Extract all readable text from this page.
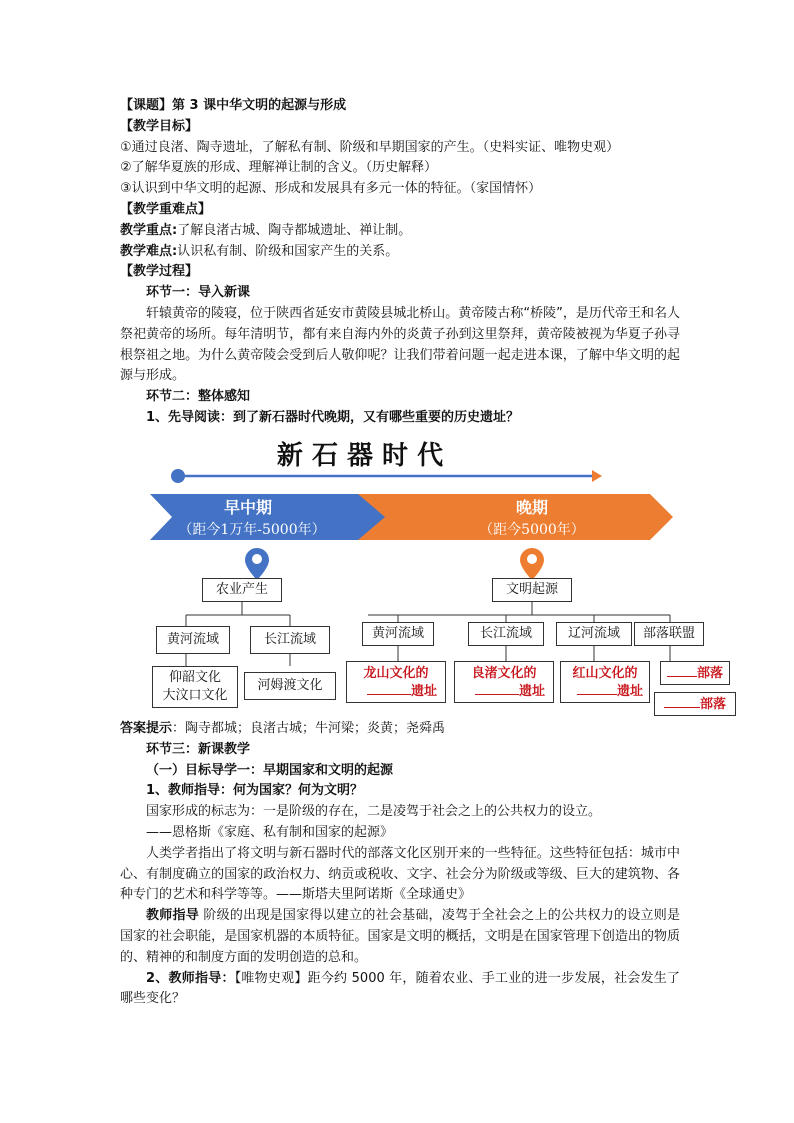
【课题】第 3 课中华文明的起源与形成
【教学目标】
①通过良渚、陶寺遗址，了解私有制、阶级和早期国家的产生。（史料实证、唯物史观）
②了解华夏族的形成、理解禅让制的含义。（历史解释）
③认识到中华文明的起源、形成和发展具有多元一体的特征。（家国情怀）
【教学重难点】
教学重点:了解良渚古城、陶寺都城遗址、禅让制。
教学难点:认识私有制、阶级和国家产生的关系。
【教学过程】
环节一：导入新课
轩辕黄帝的陵寝，位于陕西省延安市黄陵县城北桥山。黄帝陵古称“桥陵”，是历代帝王和名人祭祀黄帝的场所。每年清明节，都有来自海内外的炎黄子孙到这里祭拜，黄帝陵被视为华夏子孙寻根祭祖之地。为什么黄帝陵会受到后人敬仰呢？让我们带着问题一起走进本课，了解中华文明的起源与形成。
环节二：整体感知
1、先导阅读：到了新石器时代晚期，又有哪些重要的历史遗址？
新 石 器 时 代
早中期
（距今1万年-5000年）
晚期
（距今5000年）
农业产生	文明起源
黄河流域	长江流域
仰韶文化
大汶口文化
河姆渡文化
黄河流域	长江流域	辽河流域	部落联盟
龙山文化的
遗址
良渚文化的
遗址
红山文化的
遗址
部落
部落
答案提示：陶寺都城；良渚古城；牛河梁；炎黄；尧舜禹
环节三：新课教学
（一）目标导学一：早期国家和文明的起源
1、教师指导：何为国家？何为文明？
国家形成的标志为：一是阶级的存在，二是凌驾于社会之上的公共权力的设立。
——恩格斯《家庭、私有制和国家的起源》
人类学者指出了将文明与新石器时代的部落文化区别开来的一些特征。这些特征包括：城市中心、有制度确立的国家的政治权力、纳贡或税收、文字、社会分为阶级或等级、巨大的建筑物、各种专门的艺术和科学等等。——斯塔夫里阿诺斯《全球通史》
教师指导 阶级的出现是国家得以建立的社会基础，凌驾于全社会之上的公共权力的设立则是国家的社会职能，是国家机器的本质特征。国家是文明的概括，文明是在国家管理下创造出的物质的、精神的和制度方面的发明创造的总和。
2、教师指导：【唯物史观】距今约 5000 年，随着农业、手工业的进一步发展，社会发生了哪些变化？
